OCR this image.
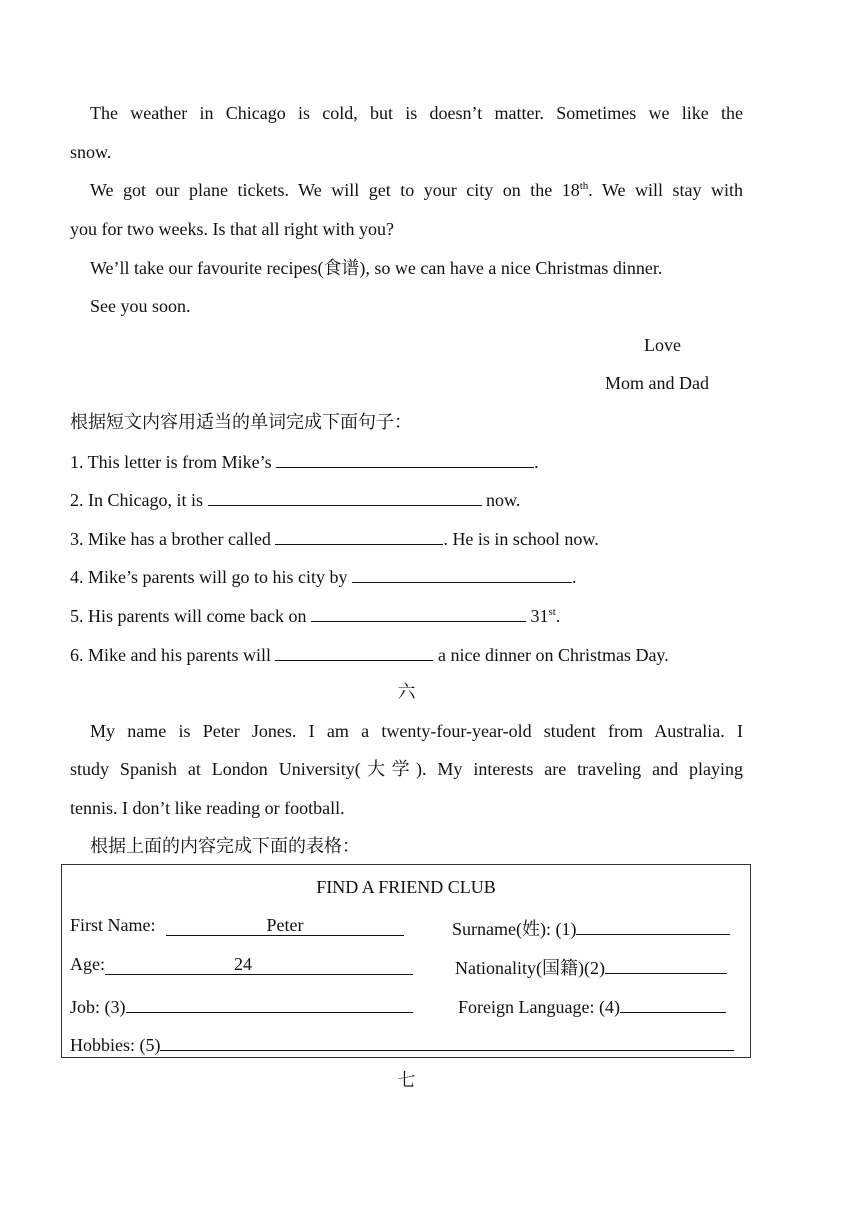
The weather in Chicago is cold, but is doesn’t matter. Sometimes we like the
snow.
We got our plane tickets. We will get to your city on the 18th. We will stay with
you for two weeks. Is that all right with you?
We’ll take our favourite recipes(食谱), so we can have a nice Christmas dinner.
See you soon.
Love
Mom and Dad
根据短文内容用适当的单词完成下面句子：
1. This letter is from Mike’s	.
2. In Chicago, it is	now.
3. Mike has a brother called	. He is in school now.
4. Mike’s parents will go to his city by	.
5. His parents will come back on	31st.
6. Mike and his parents will	a nice dinner on Christmas Day.
六
My name is Peter Jones. I am a twenty-four-year-old student from Australia. I
study Spanish at London University(大学). My interests are traveling and playing
tennis. I don’t like reading or football.
根据上面的内容完成下面的表格：
FIND A FRIEND CLUB
First Name:	Peter	Surname(姓): (1)
Age:	24	Nationality(国籍)(2)
Job: (3)	Foreign Language: (4)
Hobbies: (5)
七
